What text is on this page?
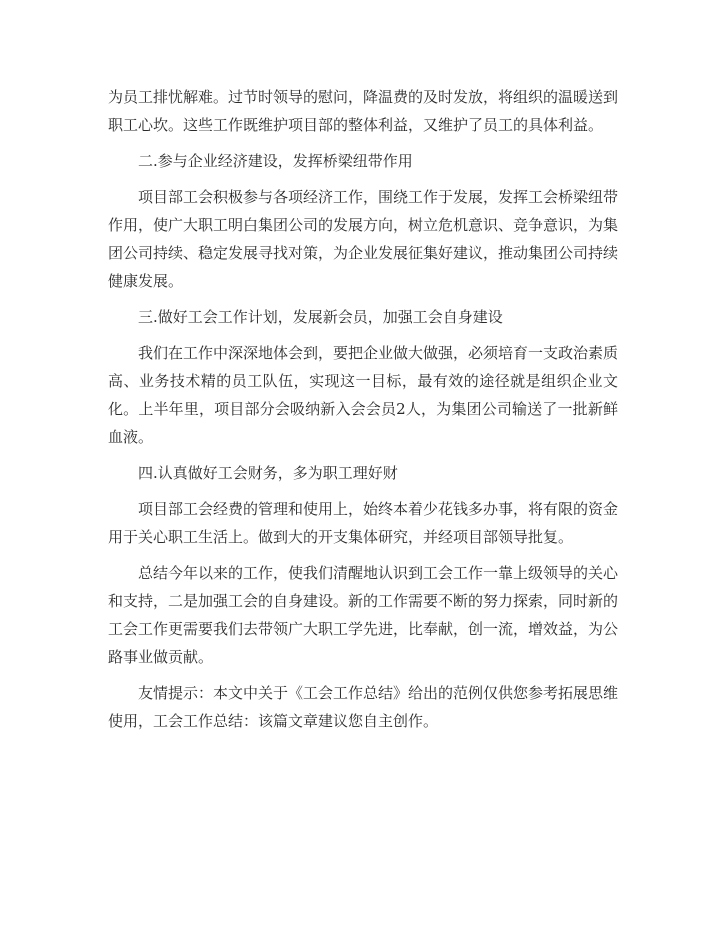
为员工排忧解难。过节时领导的慰问，降温费的及时发放，将组织的温暖送到职工心坎。这些工作既维护项目部的整体利益，又维护了员工的具体利益。

二.参与企业经济建设，发挥桥梁纽带作用

项目部工会积极参与各项经济工作，围绕工作于发展，发挥工会桥梁纽带作用，使广大职工明白集团公司的发展方向，树立危机意识、竞争意识，为集团公司持续、稳定发展寻找对策，为企业发展征集好建议，推动集团公司持续健康发展。

三.做好工会工作计划，发展新会员，加强工会自身建设

我们在工作中深深地体会到，要把企业做大做强，必须培育一支政治素质高、业务技术精的员工队伍，实现这一目标，最有效的途径就是组织企业文化。上半年里，项目部分会吸纳新入会会员2人，为集团公司输送了一批新鲜血液。

四.认真做好工会财务，多为职工理好财

项目部工会经费的管理和使用上，始终本着少花钱多办事，将有限的资金用于关心职工生活上。做到大的开支集体研究，并经项目部领导批复。

总结今年以来的工作，使我们清醒地认识到工会工作一靠上级领导的关心和支持，二是加强工会的自身建设。新的工作需要不断的努力探索，同时新的工会工作更需要我们去带领广大职工学先进，比奉献，创一流，增效益，为公路事业做贡献。

友情提示：本文中关于《工会工作总结》给出的范例仅供您参考拓展思维使用，工会工作总结：该篇文章建议您自主创作。
